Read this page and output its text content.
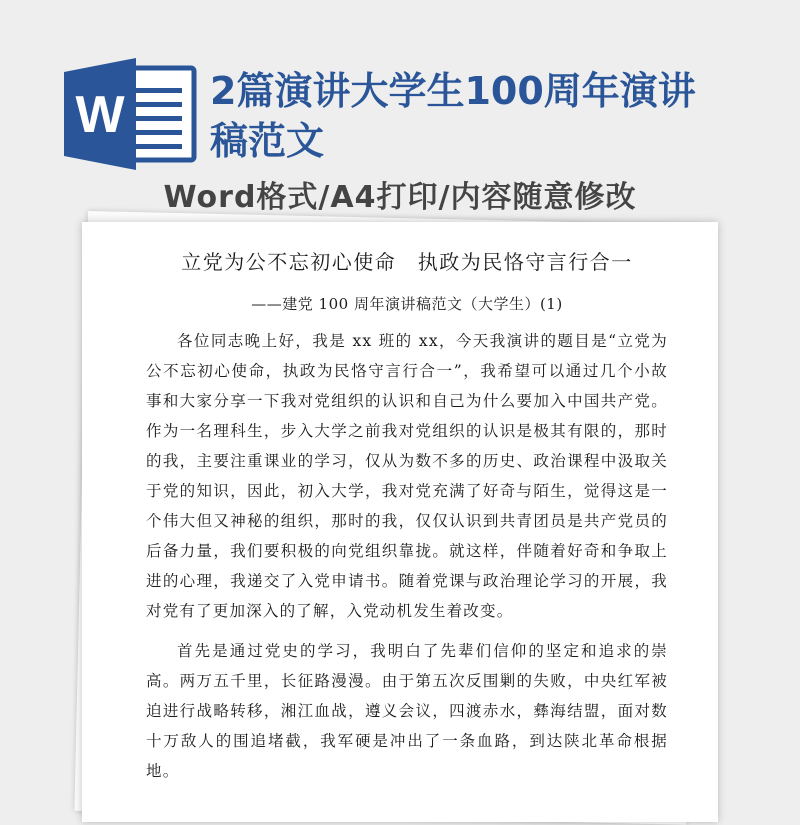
W 2篇演讲大学生100周年演讲稿范文
Word格式/A4打印/内容随意修改
立党为公不忘初心使命　执政为民恪守言行合一
——建党 100 周年演讲稿范文（大学生）(1)

各位同志晚上好，我是 xx 班的 xx，今天我演讲的题目是“立党为公不忘初心使命，执政为民恪守言行合一”，我希望可以通过几个小故事和大家分享一下我对党组织的认识和自己为什么要加入中国共产党。作为一名理科生，步入大学之前我对党组织的认识是极其有限的，那时的我，主要注重课业的学习，仅从为数不多的历史、政治课程中汲取关于党的知识，因此，初入大学，我对党充满了好奇与陌生，觉得这是一个伟大但又神秘的组织，那时的我，仅仅认识到共青团员是共产党员的后备力量，我们要积极的向党组织靠拢。就这样，伴随着好奇和争取上进的心理，我递交了入党申请书。随着党课与政治理论学习的开展，我对党有了更加深入的了解，入党动机发生着改变。

首先是通过党史的学习，我明白了先辈们信仰的坚定和追求的崇高。两万五千里，长征路漫漫。由于第五次反围剿的失败，中央红军被迫进行战略转移，湘江血战，遵义会议，四渡赤水，彝海结盟，面对数十万敌人的围追堵截，我军硬是冲出了一条血路，到达陕北革命根据地。
